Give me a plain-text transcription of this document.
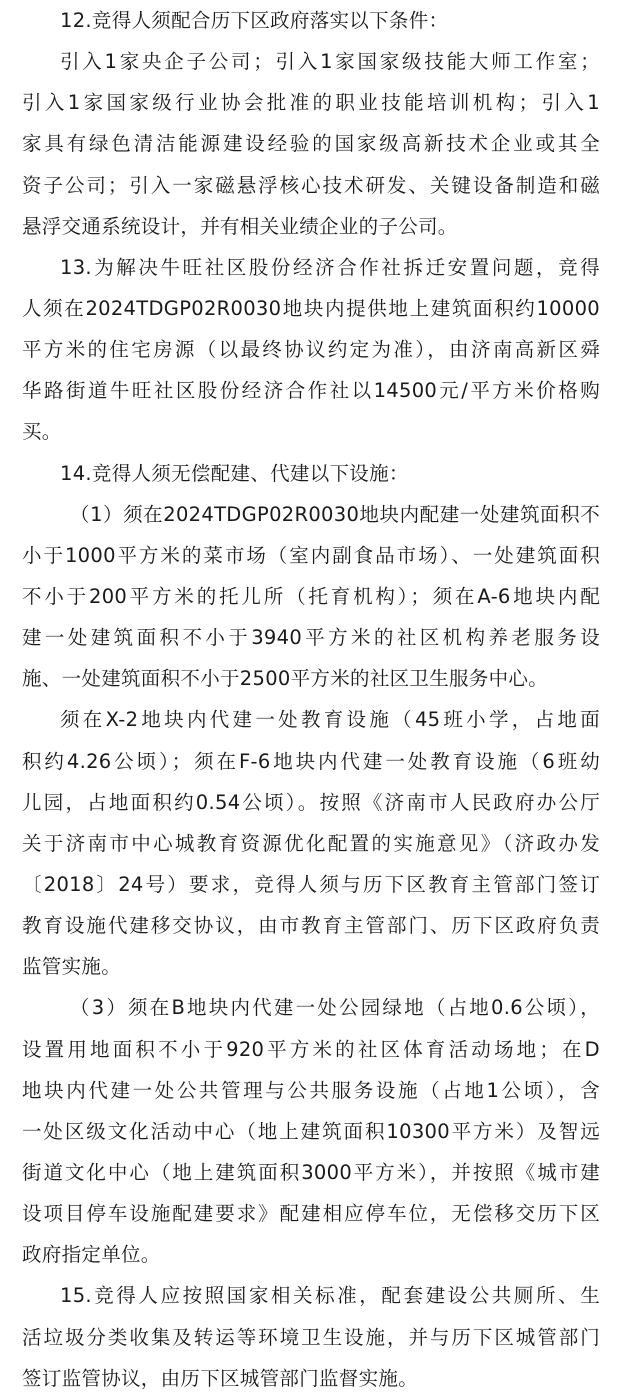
12.竞得人须配合历下区政府落实以下条件：
引入1家央企子公司；引入1家国家级技能大师工作室；
引入1家国家级行业协会批准的职业技能培训机构；引入1
家具有绿色清洁能源建设经验的国家级高新技术企业或其全
资子公司；引入一家磁悬浮核心技术研发、关键设备制造和磁
悬浮交通系统设计，并有相关业绩企业的子公司。
13.为解决牛旺社区股份经济合作社拆迁安置问题，竞得
人须在2024TDGP02R0030地块内提供地上建筑面积约10000
平方米的住宅房源（以最终协议约定为准），由济南高新区舜
华路街道牛旺社区股份经济合作社以14500元/平方米价格购
买。
14.竞得人须无偿配建、代建以下设施：
（1）须在2024TDGP02R0030地块内配建一处建筑面积不
小于1000平方米的菜市场（室内副食品市场）、一处建筑面积
不小于200平方米的托儿所（托育机构）；须在A-6地块内配
建一处建筑面积不小于3940平方米的社区机构养老服务设
施、一处建筑面积不小于2500平方米的社区卫生服务中心。
须在X-2地块内代建一处教育设施（45班小学，占地面
积约4.26公顷）；须在F-6地块内代建一处教育设施（6班幼
儿园，占地面积约0.54公顷）。按照《济南市人民政府办公厅
关于济南市中心城教育资源优化配置的实施意见》（济政办发
〔2018〕24号）要求，竞得人须与历下区教育主管部门签订
教育设施代建移交协议，由市教育主管部门、历下区政府负责
监管实施。
（3）须在B地块内代建一处公园绿地（占地0.6公顷），
设置用地面积不小于920平方米的社区体育活动场地；在D
地块内代建一处公共管理与公共服务设施（占地1公顷），含
一处区级文化活动中心（地上建筑面积10300平方米）及智远
街道文化中心（地上建筑面积3000平方米），并按照《城市建
设项目停车设施配建要求》配建相应停车位，无偿移交历下区
政府指定单位。
15.竞得人应按照国家相关标准，配套建设公共厕所、生
活垃圾分类收集及转运等环境卫生设施，并与历下区城管部门
签订监管协议，由历下区城管部门监督实施。
